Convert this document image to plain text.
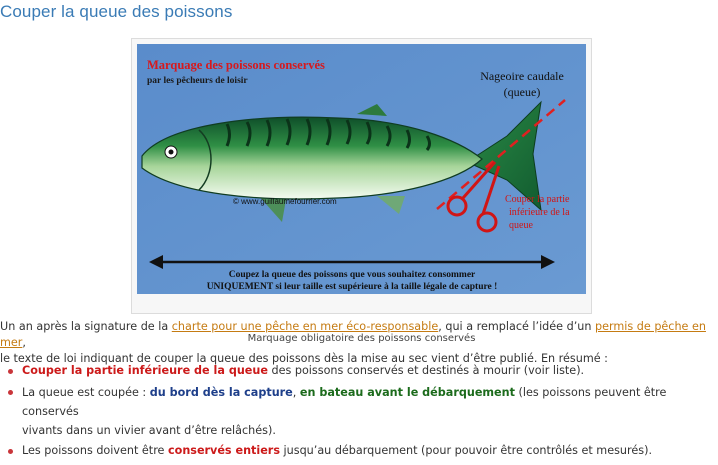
Couper la queue des poissons
Marquage des poissons conservés
par les pêcheurs de loisir	Nageoire caudale
(queue)
© www.guillaumefourrier.com	Couper la partie
inférieure de la
queue
Coupez la queue des poissons que vous souhaitez consommer
UNIQUEMENT si leur taille est supérieure à la taille légale de capture !
Marquage obligatoire des poissons conservés
Un an après la signature de la charte pour une pêche en mer éco-responsable, qui a remplacé l’idée d’un permis de pêche en mer,
le texte de loi indiquant de couper la queue des poissons dès la mise au sec vient d’être publié. En résumé :
Couper la partie inférieure de la queue des poissons conservés et destinés à mourir (voir liste).
La queue est coupée : du bord dès la capture, en bateau avant le débarquement (les poissons peuvent être conservés
vivants dans un vivier avant d’être relâchés).
Les poissons doivent être conservés entiers jusqu’au débarquement (pour pouvoir être contrôlés et mesurés).
